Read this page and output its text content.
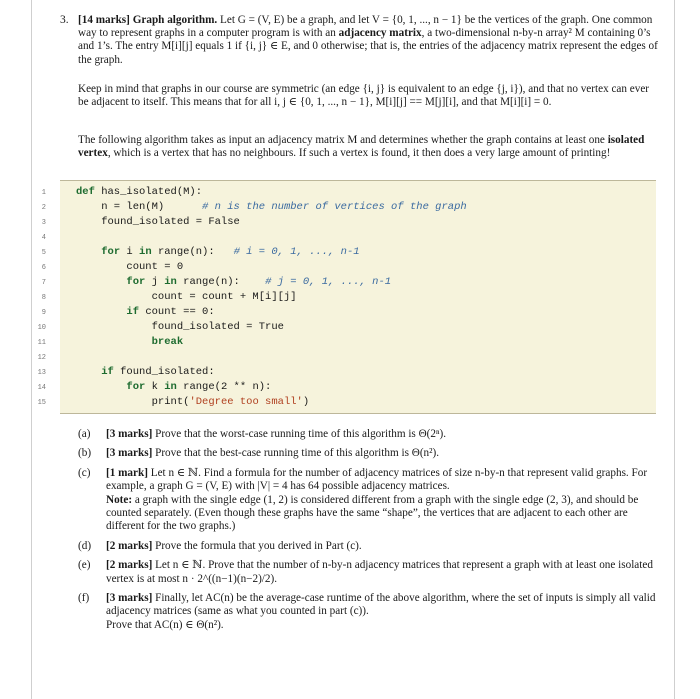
3. [14 marks] Graph algorithm. Let G = (V, E) be a graph, and let V = {0, 1, ..., n − 1} be the vertices of the graph. One common way to represent graphs in a computer program is with an adjacency matrix, a two-dimensional n-by-n array² M containing 0’s and 1’s. The entry M[i][j] equals 1 if {i, j} ∈ E, and 0 otherwise; that is, the entries of the adjacency matrix represent the edges of the graph.

Keep in mind that graphs in our course are symmetric (an edge {i, j} is equivalent to an edge {j, i}), and that no vertex can ever be adjacent to itself. This means that for all i, j ∈ {0, 1, ..., n − 1}, M[i][j] == M[j][i], and that M[i][i] = 0.

The following algorithm takes as input an adjacency matrix M and determines whether the graph contains at least one isolated vertex, which is a vertex that has no neighbours. If such a vertex is found, it then does a very large amount of printing!

1	def has_isolated(M):
2	n = len(M)      # n is the number of vertices of the graph
3	found_isolated = False
4
5	for i in range(n):   # i = 0, 1, ..., n-1
6	count = 0
7	for j in range(n):    # j = 0, 1, ..., n-1
8	count = count + M[i][j]
9	if count == 0:
10	found_isolated = True
11	break
12
13	if found_isolated:
14	for k in range(2 ** n):
15	print('Degree too small')
(a) [3 marks] Prove that the worst-case running time of this algorithm is Θ(2ⁿ).

(b) [3 marks] Prove that the best-case running time of this algorithm is Θ(n²).

(c) [1 mark] Let n ∈ ℕ. Find a formula for the number of adjacency matrices of size n-by-n that represent valid graphs. For example, a graph G = (V, E) with |V| = 4 has 64 possible adjacency matrices.

Note: a graph with the single edge (1, 2) is considered different from a graph with the single edge (2, 3), and should be counted separately. (Even though these graphs have the same “shape”, the vertices that are adjacent to each other are different for the two graphs.)

(d) [2 marks] Prove the formula that you derived in Part (c).

(e) [2 marks] Let n ∈ ℕ. Prove that the number of n-by-n adjacency matrices that represent a graph with at least one isolated vertex is at most n · 2^((n−1)(n−2)/2).

(f) [3 marks] Finally, let AC(n) be the average-case runtime of the above algorithm, where the set of inputs is simply all valid adjacency matrices (same as what you counted in part (c)).

Prove that AC(n) ∈ Θ(n²).
